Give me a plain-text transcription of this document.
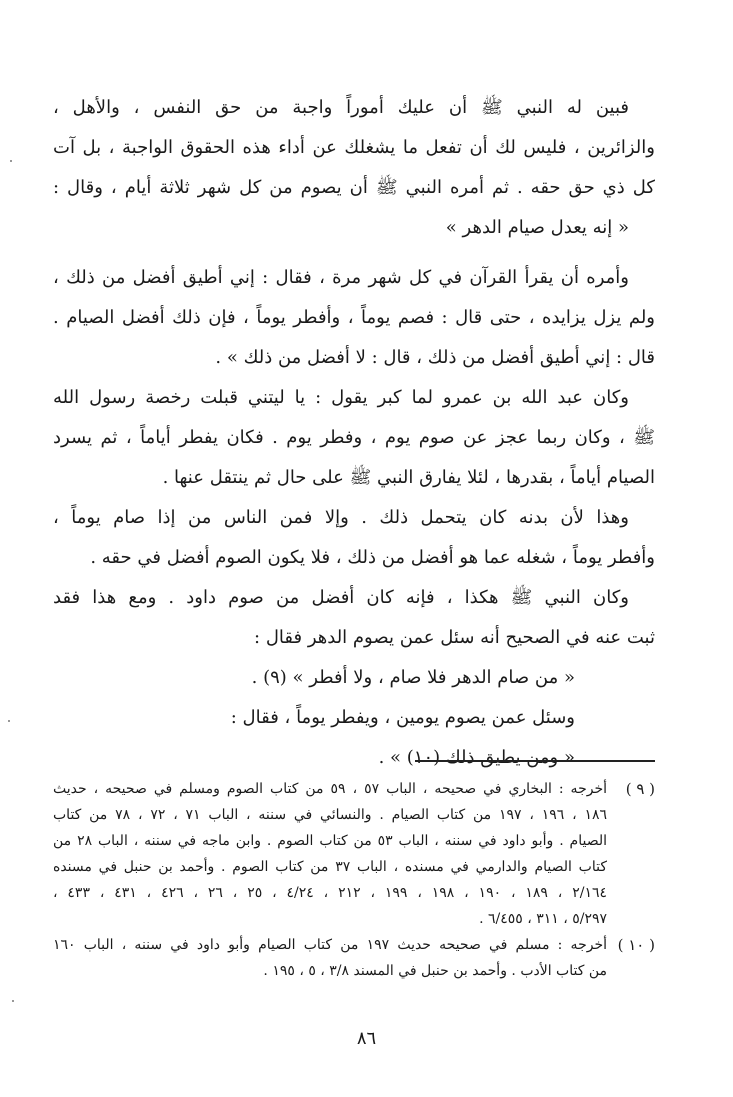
فبين له النبي ﷺ أن عليك أموراً واجبة من حق النفس ، والأهل ،
والزائرين ، فليس لك أن تفعل ما يشغلك عن أداء هذه الحقوق الواجبة ، بل آت
كل ذي حق حقه . ثم أمره النبي ﷺ أن يصوم من كل شهر ثلاثة أيام ، وقال :
« إنه يعدل صيام الدهر »
وأمره أن يقرأ القرآن في كل شهر مرة ، فقال : إني أطيق أفضل من ذلك ،
ولم يزل يزايده ، حتى قال : فصم يوماً ، وأفطر يوماً ، فإن ذلك أفضل الصيام .
قال : إني أطيق أفضل من ذلك ، قال : لا أفضل من ذلك » .
وكان عبد الله بن عمرو لما كبر يقول : يا ليتني قبلت رخصة رسول الله
ﷺ ، وكان ربما عجز عن صوم يوم ، وفطر يوم . فكان يفطر أياماً ، ثم يسرد
الصيام أياماً ، بقدرها ، لئلا يفارق النبي ﷺ على حال ثم ينتقل عنها .
وهذا لأن بدنه كان يتحمل ذلك . وإلا فمن الناس من إذا صام يوماً ،
وأفطر يوماً ، شغله عما هو أفضل من ذلك ، فلا يكون الصوم أفضل في حقه .
وكان النبي ﷺ هكذا ، فإنه كان أفضل من صوم داود . ومع هذا فقد
ثبت عنه في الصحيح أنه سئل عمن يصوم الدهر فقال :
« من صام الدهر فلا صام ، ولا أفطر » (٩) .
وسئل عمن يصوم يومين ، ويفطر يوماً ، فقال :
« ومن يطيق ذلك (١٠) » .
( ٩ )
أخرجه : البخاري في صحيحه ، الباب ٥٧ ، ٥٩ من كتاب الصوم ومسلم في صحيحه ، حديث
١٨٦ ، ١٩٦ ، ١٩٧ من كتاب الصيام . والنسائي في سننه ، الباب ٧١ ، ٧٢ ، ٧٨ من كتاب
الصيام . وأبو داود في سننه ، الباب ٥٣ من كتاب الصوم . وابن ماجه في سننه ، الباب ٢٨ من
كتاب الصيام والدارمي في مسنده ، الباب ٣٧ من كتاب الصوم . وأحمد بن حنبل في مسنده
٢/١٦٤ ، ١٨٩ ، ١٩٠ ، ١٩٨ ، ١٩٩ ، ٢١٢ ، ٤/٢٤ ، ٢٥ ، ٢٦ ، ٤٢٦ ، ٤٣١ ، ٤٣٣ ،
٥/٢٩٧ ، ٣١١ ، ٦/٤٥٥ .
( ١٠ )
أخرجه : مسلم في صحيحه حديث ١٩٧ من كتاب الصيام وأبو داود في سننه ، الباب ١٦٠
من كتاب الأدب . وأحمد بن حنبل في المسند ٣/٨ ، ٥ ، ١٩٥ .
٨٦
